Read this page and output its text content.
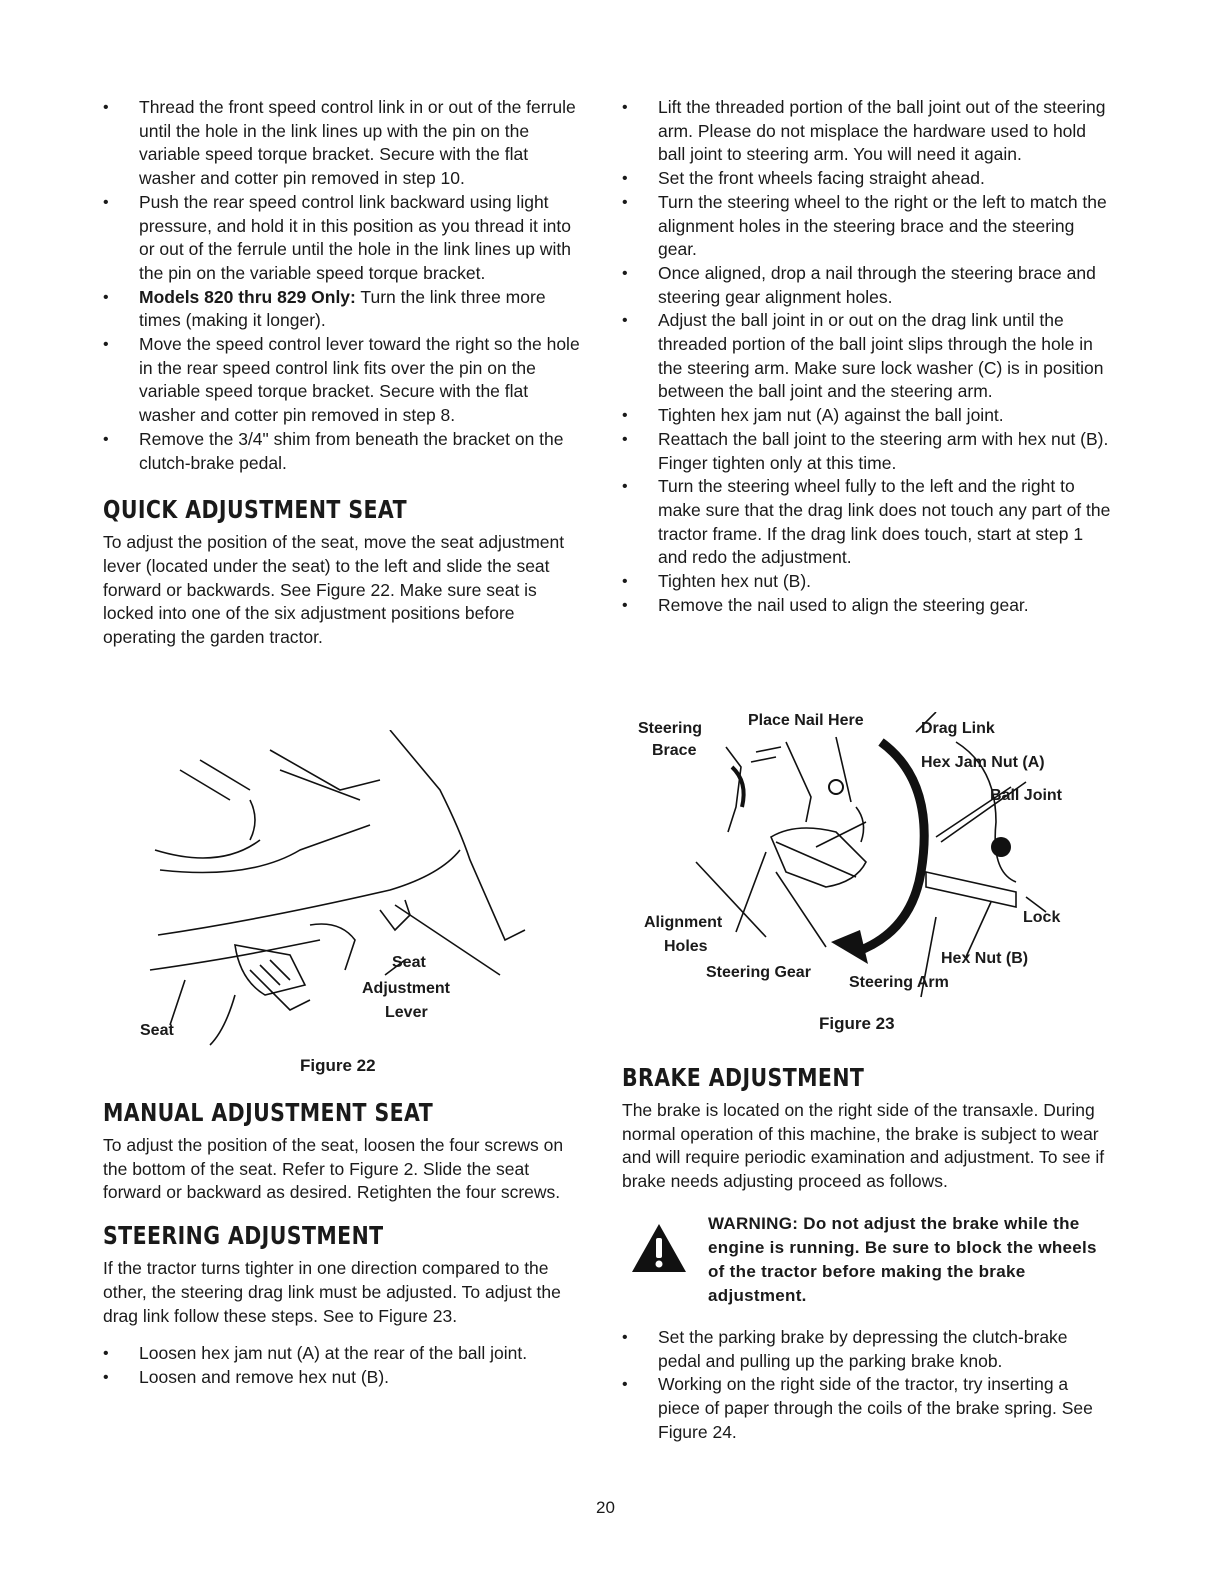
• Thread the front speed control link in or out of the ferrule until the hole in the link lines up with the pin on the variable speed torque bracket. Secure with the flat washer and cotter pin removed in step 10.
• Push the rear speed control link backward using light pressure, and hold it in this position as you thread it into or out of the ferrule until the hole in the link lines up with the pin on the variable speed torque bracket.
• Models 820 thru 829 Only: Turn the link three more times (making it longer).
• Move the speed control lever toward the right so the hole in the rear speed control link fits over the pin on the variable speed torque bracket. Secure with the flat washer and cotter pin removed in step 8.
• Remove the 3/4" shim from beneath the bracket on the clutch-brake pedal.
QUICK ADJUSTMENT SEAT

To adjust the position of the seat, move the seat adjustment lever (located under the seat) to the left and slide the seat forward or backwards. See Figure 22. Make sure seat is locked into one of the six adjustment positions before operating the garden tractor.

Seat
Adjustment
Lever
Seat
Figure 22
MANUAL ADJUSTMENT SEAT

To adjust the position of the seat, loosen the four screws on the bottom of the seat. Refer to Figure 2. Slide the seat forward or backward as desired. Retighten the four screws.

STEERING ADJUSTMENT

If the tractor turns tighter in one direction compared to the other, the steering drag link must be adjusted. To adjust the drag link follow these steps. See to Figure 23.

• Loosen hex jam nut (A) at the rear of the ball joint.
• Loosen and remove hex nut (B).
• Lift the threaded portion of the ball joint out of the steering arm. Please do not misplace the hardware used to hold ball joint to steering arm. You will need it again.
• Set the front wheels facing straight ahead.
• Turn the steering wheel to the right or the left to match the alignment holes in the steering brace and the steering gear.
• Once aligned, drop a nail through the steering brace and steering gear alignment holes.
• Adjust the ball joint in or out on the drag link until the threaded portion of the ball joint slips through the hole in the steering arm. Make sure lock washer (C) is in position between the ball joint and the steering arm.
• Tighten hex jam nut (A) against the ball joint.
• Reattach the ball joint to the steering arm with hex nut (B). Finger tighten only at this time.
• Turn the steering wheel fully to the left and the right to make sure that the drag link does not touch any part of the tractor frame. If the drag link does touch, start at step 1 and redo the adjustment.
• Tighten hex nut (B).
• Remove the nail used to align the steering gear.
Steering
Brace
Place Nail Here	Drag Link
Hex Jam Nut (A)
Ball Joint
Alignment
Holes
Steering Gear
Steering Arm
Hex Nut (B)
Lock
Figure 23
BRAKE ADJUSTMENT

The brake is located on the right side of the transaxle. During normal operation of this machine, the brake is subject to wear and will require periodic examination and adjustment. To see if brake needs adjusting proceed as follows.

WARNING: Do not adjust the brake while the engine is running. Be sure to block the wheels of the tractor before making the brake adjustment.
• Set the parking brake by depressing the clutch-brake pedal and pulling up the parking brake knob.
• Working on the right side of the tractor, try inserting a piece of paper through the coils of the brake spring. See Figure 24.
20
